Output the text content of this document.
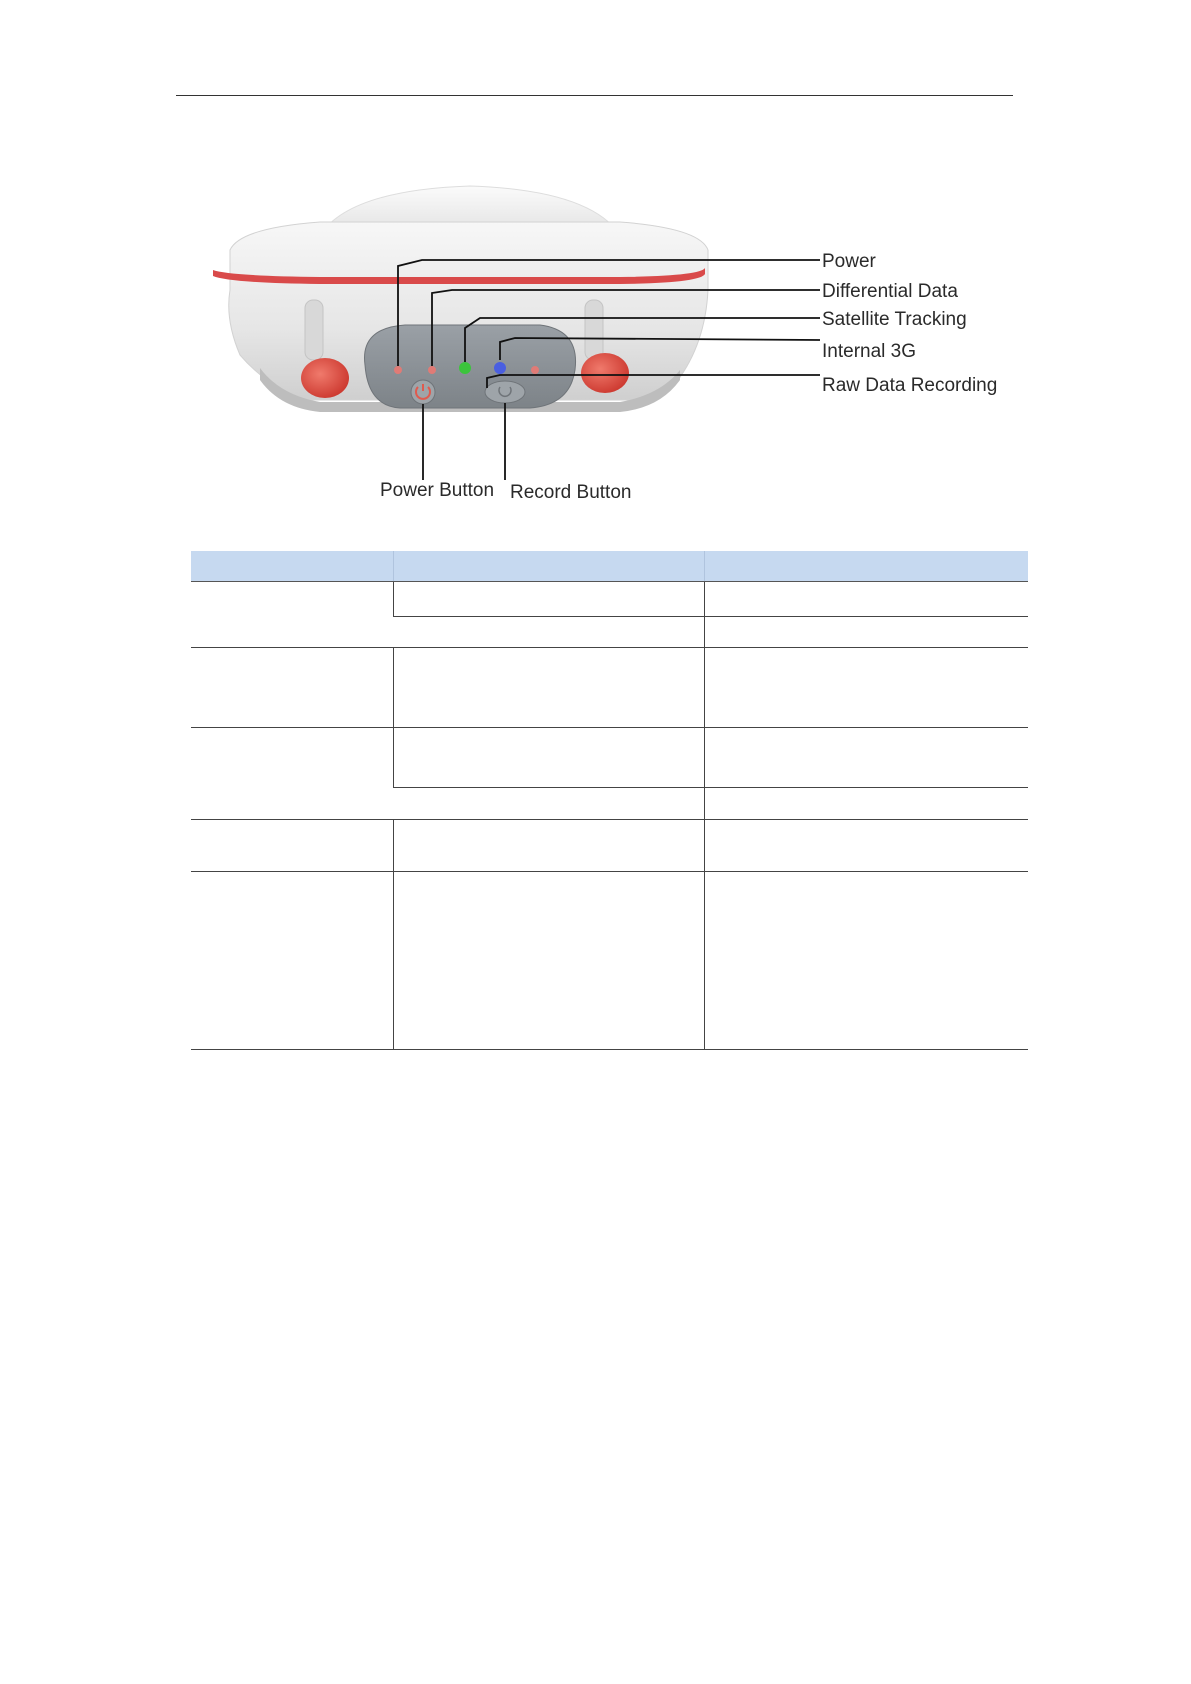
Power
Differential Data
Satellite Tracking
Internal 3G
Raw Data Recording
Power Button Record Button
